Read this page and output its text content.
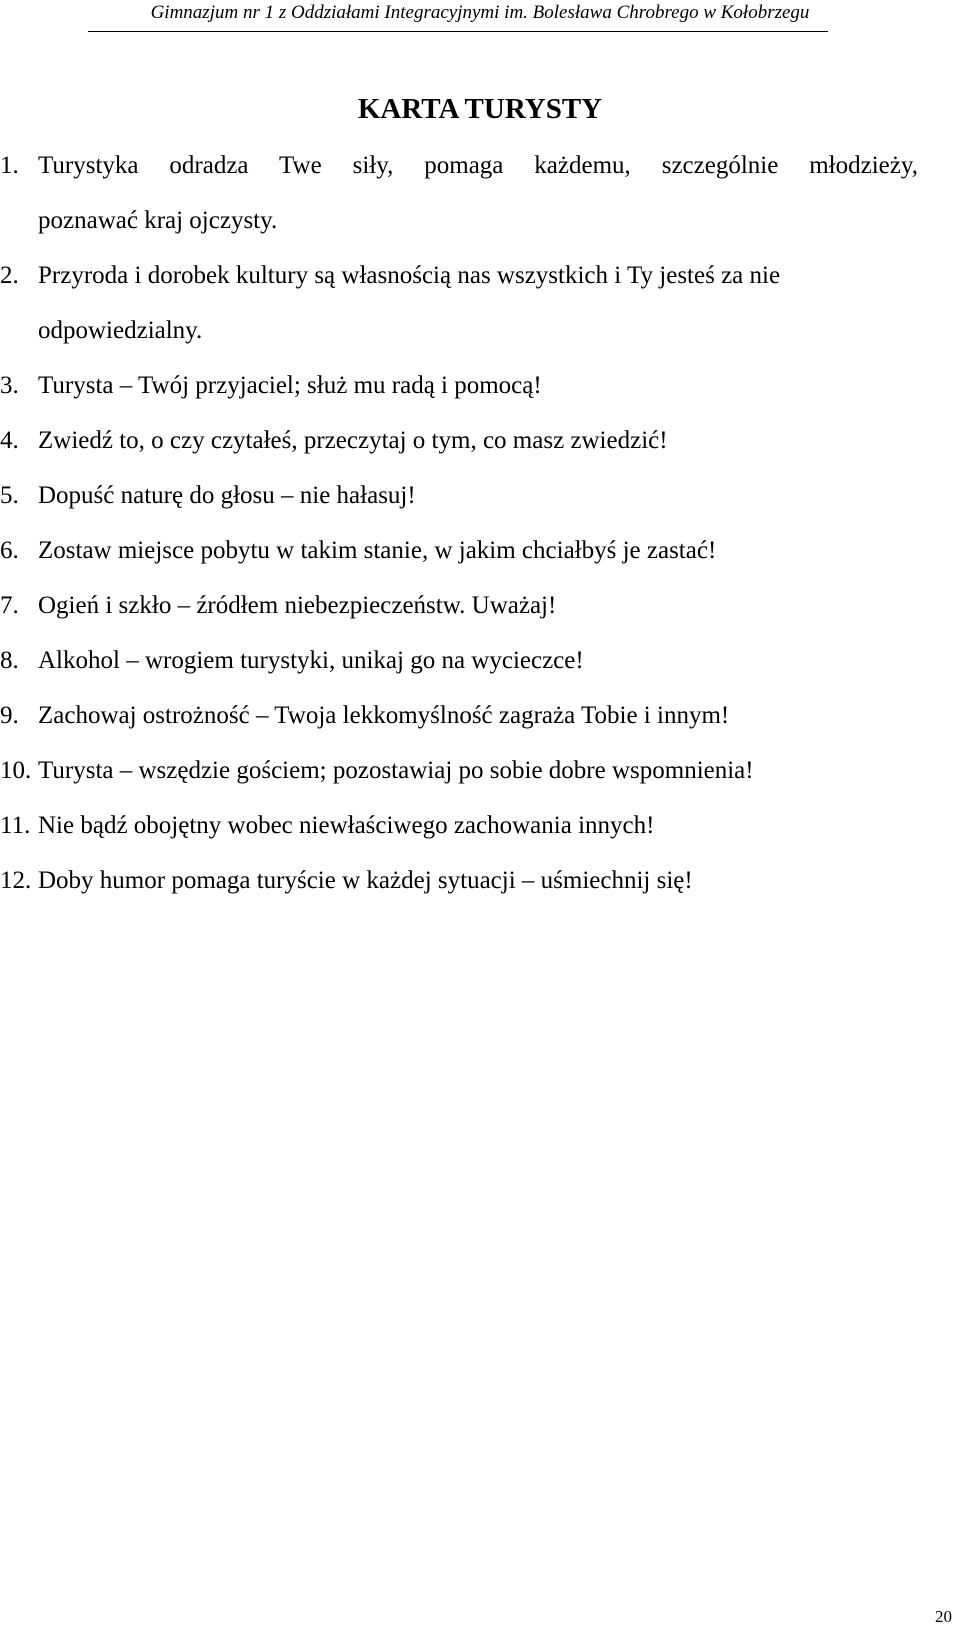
Gimnazjum nr 1 z Oddziałami Integracyjnymi im. Bolesława Chrobrego w Kołobrzegu
KARTA TURYSTY
1. Turystyka odradza Twe siły, pomaga każdemu, szczególnie młodzieży,
poznawać kraj ojczysty.
2. Przyroda i dorobek kultury są własnością nas wszystkich i Ty jesteś za nie
odpowiedzialny.
3. Turysta – Twój przyjaciel; służ mu radą i pomocą!
4. Zwiedź to, o czy czytałeś, przeczytaj o tym, co masz zwiedzić!
5. Dopuść naturę do głosu – nie hałasuj!
6. Zostaw miejsce pobytu w takim stanie, w jakim chciałbyś je zastać!
7. Ogień i szkło – źródłem niebezpieczeństw. Uważaj!
8. Alkohol – wrogiem turystyki, unikaj go na wycieczce!
9. Zachowaj ostrożność – Twoja lekkomyślność zagraża Tobie i innym!
10. Turysta – wszędzie gościem; pozostawiaj po sobie dobre wspomnienia!
11. Nie bądź obojętny wobec niewłaściwego zachowania innych!
12. Doby humor pomaga turyście w każdej sytuacji – uśmiechnij się!
20
